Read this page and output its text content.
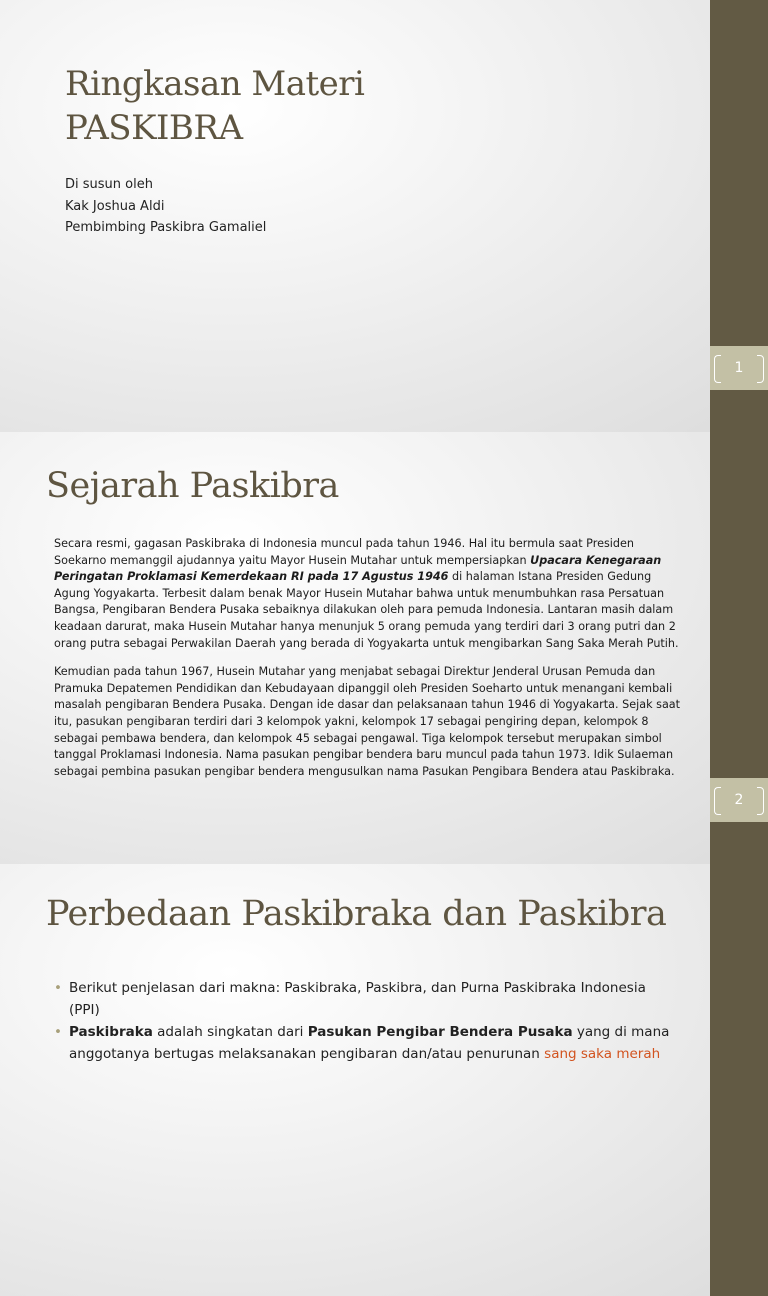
1
Ringkasan Materi
PASKIBRA
Di susun oleh
Kak Joshua Aldi
Pembimbing Paskibra Gamaliel
2
Sejarah Paskibra

Secara resmi, gagasan Paskibraka di Indonesia muncul pada tahun 1946. Hal itu bermula saat Presiden Soekarno memanggil ajudannya yaitu Mayor Husein Mutahar untuk mempersiapkan Upacara Kenegaraan Peringatan Proklamasi Kemerdekaan RI pada 17 Agustus 1946 di halaman Istana Presiden Gedung Agung Yogyakarta. Terbesit dalam benak Mayor Husein Mutahar bahwa untuk menumbuhkan rasa Persatuan Bangsa, Pengibaran Bendera Pusaka sebaiknya dilakukan oleh para pemuda Indonesia. Lantaran masih dalam keadaan darurat, maka Husein Mutahar hanya menunjuk 5 orang pemuda yang terdiri dari 3 orang putri dan 2 orang putra sebagai Perwakilan Daerah yang berada di Yogyakarta untuk mengibarkan Sang Saka Merah Putih.

Kemudian pada tahun 1967, Husein Mutahar yang menjabat sebagai Direktur Jenderal Urusan Pemuda dan Pramuka Depatemen Pendidikan dan Kebudayaan dipanggil oleh Presiden Soeharto untuk menangani kembali masalah pengibaran Bendera Pusaka. Dengan ide dasar dan pelaksanaan tahun 1946 di Yogyakarta. Sejak saat itu, pasukan pengibaran terdiri dari 3 kelompok yakni, kelompok 17 sebagai pengiring depan, kelompok 8 sebagai pembawa bendera, dan kelompok 45 sebagai pengawal. Tiga kelompok tersebut merupakan simbol tanggal Proklamasi Indonesia. Nama pasukan pengibar bendera baru muncul pada tahun 1973. Idik Sulaeman sebagai pembina pasukan pengibar bendera mengusulkan nama Pasukan Pengibara Bendera atau Paskibraka.

Perbedaan Paskibraka dan Paskibra
• Berikut penjelasan dari makna: Paskibraka, Paskibra, dan Purna Paskibraka Indonesia (PPI)
• Paskibraka adalah singkatan dari Pasukan Pengibar Bendera Pusaka yang di mana anggotanya bertugas melaksanakan pengibaran dan/atau penurunan sang saka merah
